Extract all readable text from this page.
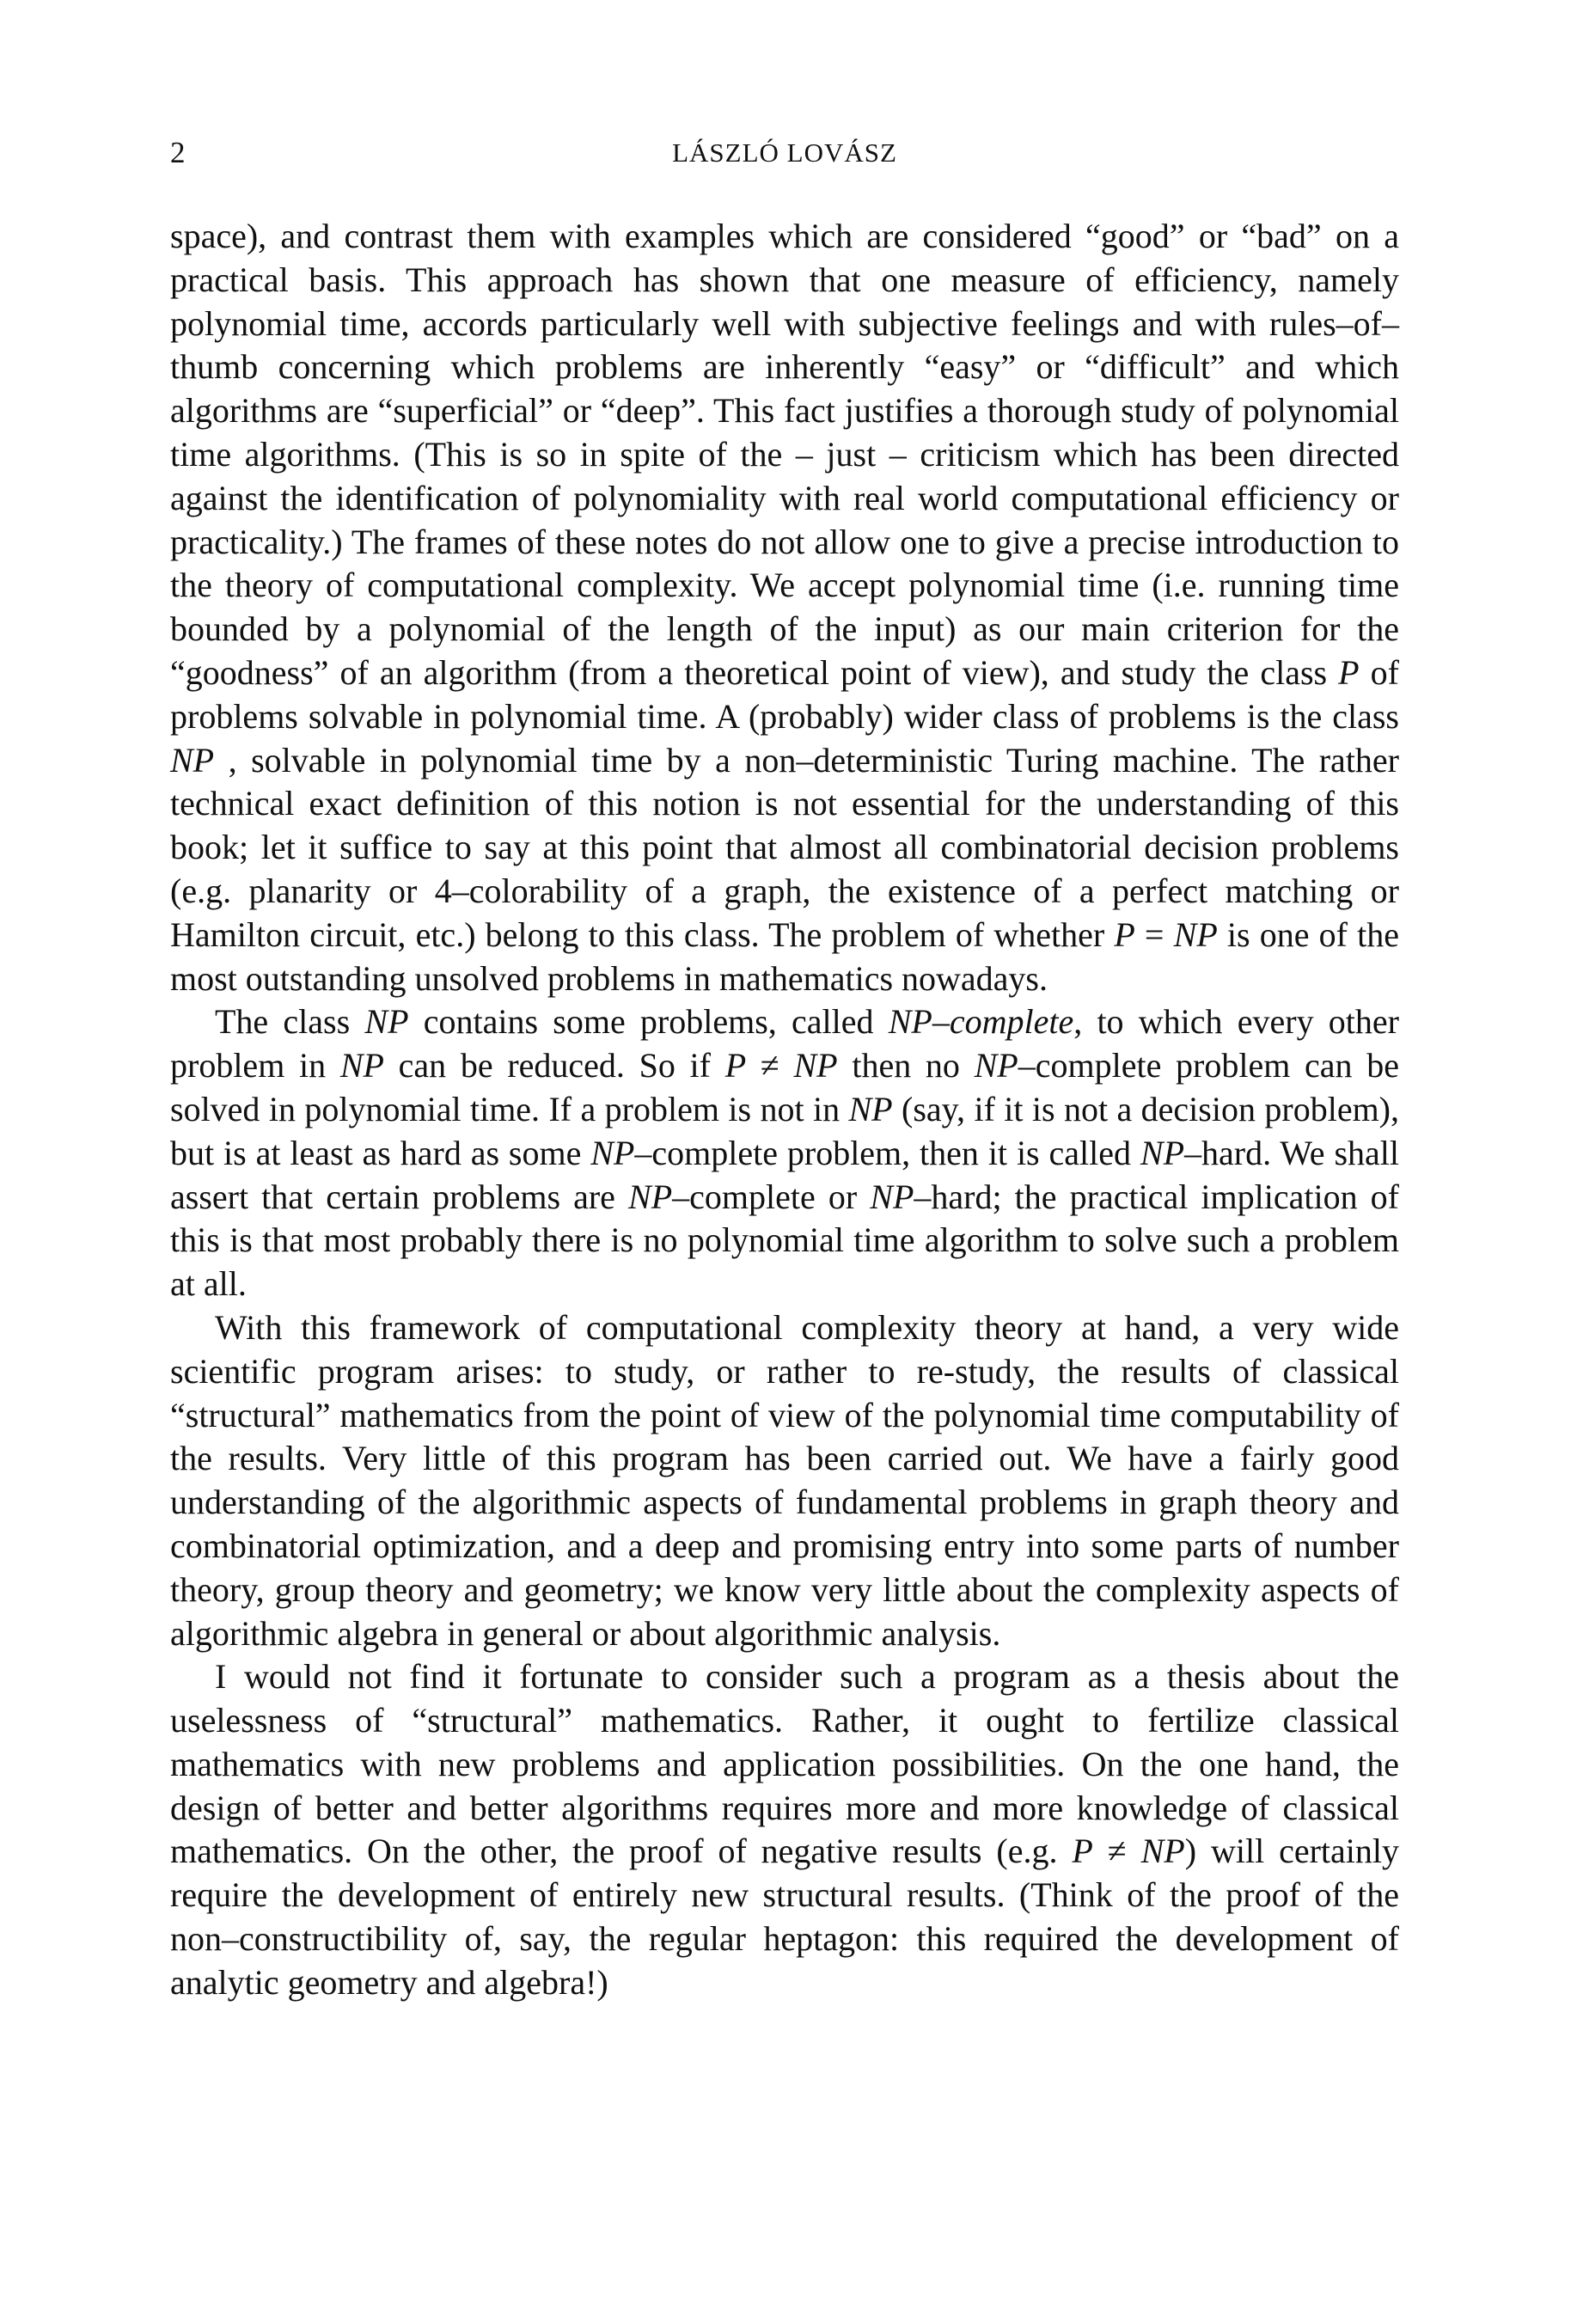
2	LÁSZLÓ LOVÁSZ

space), and contrast them with examples which are considered “good” or “bad” on a practical basis. This approach has shown that one measure of efficiency, namely polynomial time, accords particularly well with subjective feelings and with rules–of–thumb concerning which problems are inherently “easy” or “difficult” and which algorithms are “superficial” or “deep”. This fact justifies a thorough study of polynomial time algorithms. (This is so in spite of the – just – criticism which has been directed against the identification of polynomiality with real world computational efficiency or practicality.) The frames of these notes do not allow one to give a precise introduction to the theory of computational complexity. We accept polynomial time (i.e. running time bounded by a polynomial of the length of the input) as our main criterion for the “goodness” of an algorithm (from a theoretical point of view), and study the class P of problems solvable in polynomial time. A (probably) wider class of problems is the class NP , solvable in polynomial time by a non–deterministic Turing machine. The rather technical exact definition of this notion is not essential for the understanding of this book; let it suffice to say at this point that almost all combinatorial decision problems (e.g. planarity or 4–colorability of a graph, the existence of a perfect matching or Hamilton circuit, etc.) belong to this class. The problem of whether P = NP is one of the most outstanding unsolved problems in mathematics nowadays.

The class NP contains some problems, called NP–complete, to which every other problem in NP can be reduced. So if P ≠ NP then no NP–complete problem can be solved in polynomial time. If a problem is not in NP (say, if it is not a decision problem), but is at least as hard as some NP–complete problem, then it is called NP–hard. We shall assert that certain problems are NP–complete or NP–hard; the practical implication of this is that most probably there is no polynomial time algorithm to solve such a problem at all.

With this framework of computational complexity theory at hand, a very wide scientific program arises: to study, or rather to re-study, the results of classical “structural” mathematics from the point of view of the polynomial time computability of the results. Very little of this program has been carried out. We have a fairly good understanding of the algorithmic aspects of fundamental problems in graph theory and combinatorial optimization, and a deep and promising entry into some parts of number theory, group theory and geometry; we know very little about the complexity aspects of algorithmic algebra in general or about algorithmic analysis.

I would not find it fortunate to consider such a program as a thesis about the uselessness of “structural” mathematics. Rather, it ought to fertilize classical mathematics with new problems and application possibilities. On the one hand, the design of better and better algorithms requires more and more knowledge of classical mathematics. On the other, the proof of negative results (e.g. P ≠ NP) will certainly require the development of entirely new structural results. (Think of the proof of the non–constructibility of, say, the regular heptagon: this required the development of analytic geometry and algebra!)
